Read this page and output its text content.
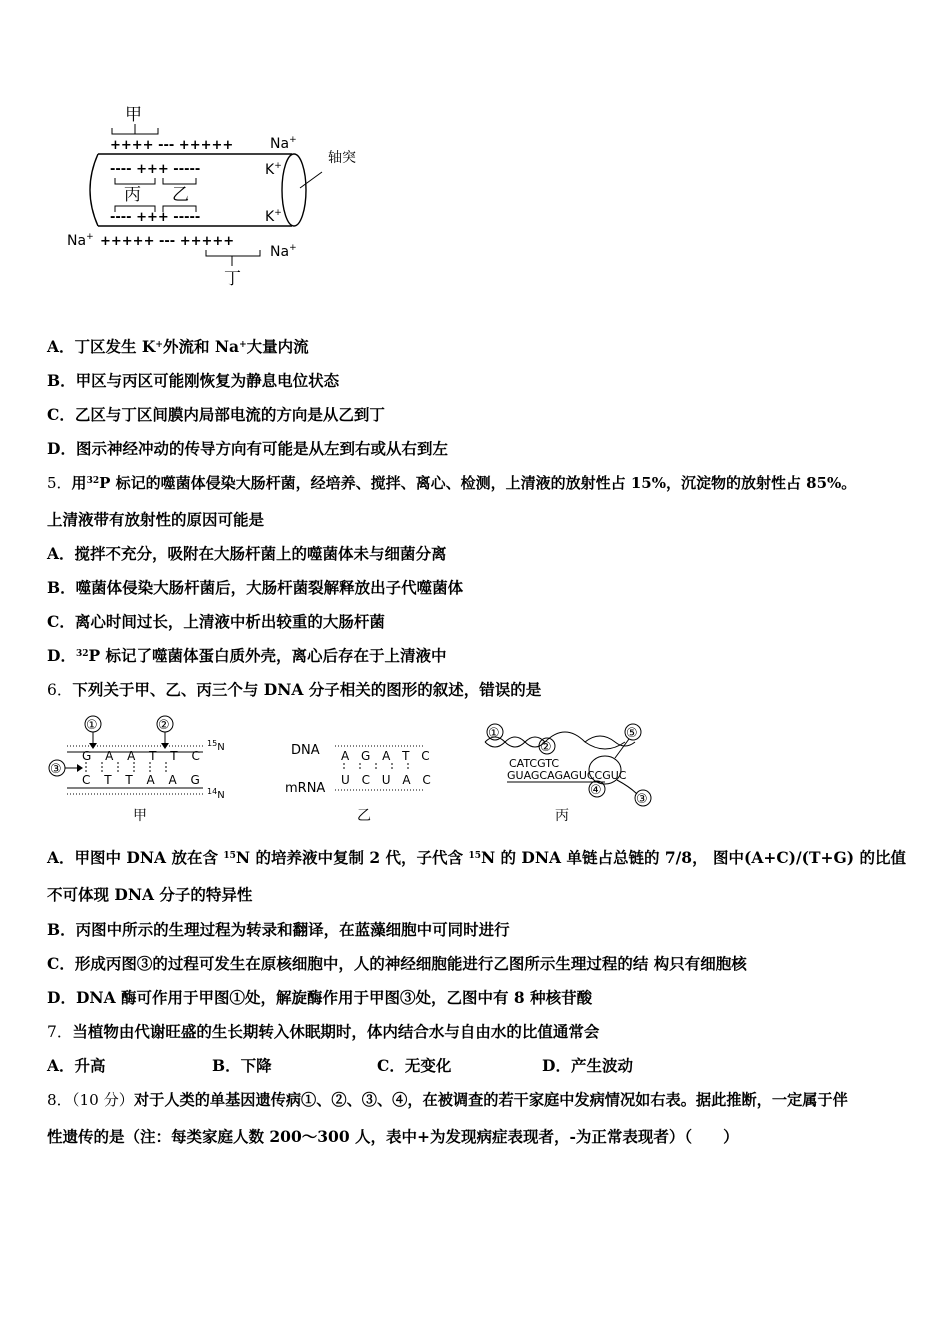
甲
++++ --- +++++
---- +++ -----
---- +++ -----
+++++ --- +++++
Na+
K+
K+
Na+
Na+
丙 乙
丁
轴突
A．丁区发生 K+外流和 Na+大量内流
B．甲区与丙区可能刚恢复为静息电位状态
C．乙区与丁区间膜内局部电流的方向是从乙到丁
D．图示神经冲动的传导方向有可能是从左到右或从右到左
5．用$^{32}$P 标记的噬菌体侵染大肠杆菌，经培养、搅拌、离心、检测，上清液的放射性占 15%，沉淀物的放射性占 85%。
上清液带有放射性的原因可能是
A．搅拌不充分，吸附在大肠杆菌上的噬菌体未与细菌分离
B．噬菌体侵染大肠杆菌后，大肠杆菌裂解释放出子代噬菌体
C．离心时间过长，上清液中析出较重的大肠杆菌
D．$^{32}$P 标记了噬菌体蛋白质外壳，离心后存在于上清液中
6．下列关于甲、乙、丙三个与 DNA 分子相关的图形的叙述，错误的是
①	②
G A A T T C
$^{15}$N
③
C T T A A G
$^{14}$N
甲
DNA A G A T C
mRNA
U C U A C
乙
①
②
⑤
CATCGTC
GUAGCAGAGUCCGUC
④
③
丙
A．甲图中 DNA 放在含 $^{15}$N 的培养液中复制 2 代，子代含 $^{15}$N 的 DNA 单链占总链的 7/8， 图中(A+C)/(T+G) 的比值
不可体现 DNA 分子的特异性
B．丙图中所示的生理过程为转录和翻译，在蓝藻细胞中可同时进行
C．形成丙图③的过程可发生在原核细胞中，人的神经细胞能进行乙图所示生理过程的结 构只有细胞核
D．DNA 酶可作用于甲图①处，解旋酶作用于甲图③处，乙图中有 8 种核苷酸
7．当植物由代谢旺盛的生长期转入休眠期时，体内结合水与自由水的比值通常会
A．升高	B．下降	C．无变化	D．产生波动
8．（10 分）对于人类的单基因遗传病①、②、③、④，在被调查的若干家庭中发病情况如右表。据此推断，一定属于伴
性遗传的是（注：每类家庭人数 200～300 人，表中+为发现病症表现者，-为正常表现者）（　　）
